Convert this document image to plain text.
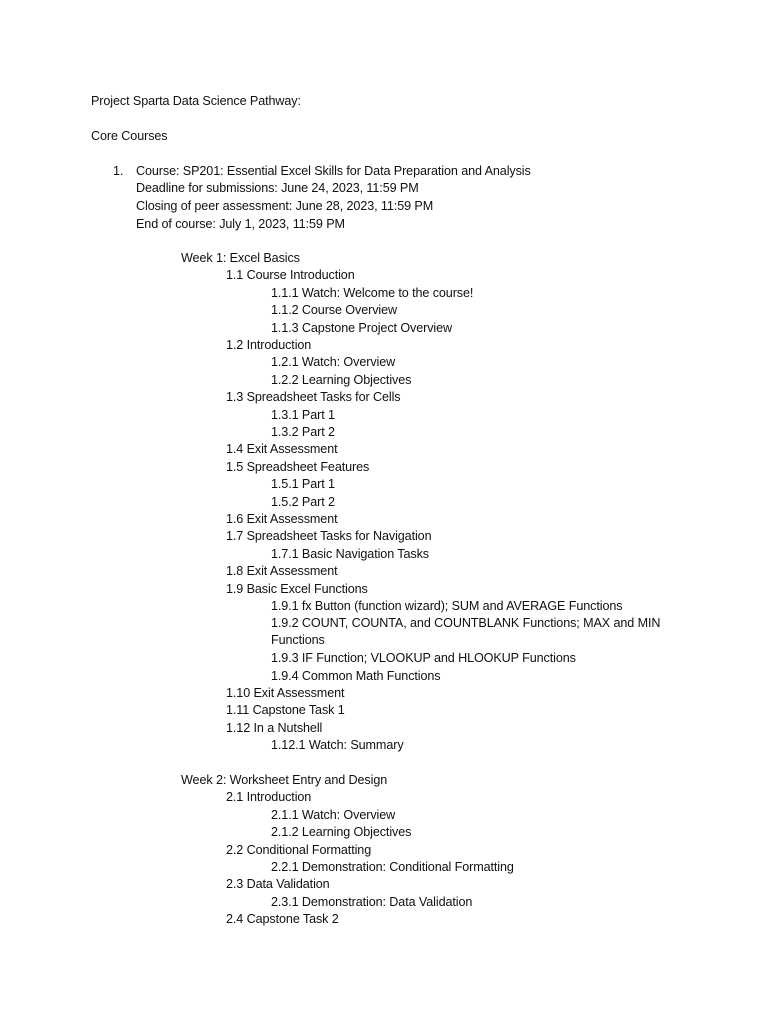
Project Sparta Data Science Pathway:
Core Courses
1. Course: SP201: Essential Excel Skills for Data Preparation and Analysis
Deadline for submissions: June 24, 2023, 11:59 PM
Closing of peer assessment: June 28, 2023, 11:59 PM
End of course: July 1, 2023, 11:59 PM
Week 1: Excel Basics
1.1 Course Introduction
1.1.1 Watch: Welcome to the course!
1.1.2 Course Overview
1.1.3 Capstone Project Overview
1.2 Introduction
1.2.1 Watch: Overview
1.2.2 Learning Objectives
1.3 Spreadsheet Tasks for Cells
1.3.1 Part 1
1.3.2 Part 2
1.4 Exit Assessment
1.5 Spreadsheet Features
1.5.1 Part 1
1.5.2 Part 2
1.6 Exit Assessment
1.7 Spreadsheet Tasks for Navigation
1.7.1 Basic Navigation Tasks
1.8 Exit Assessment
1.9 Basic Excel Functions
1.9.1 fx Button (function wizard); SUM and AVERAGE Functions
1.9.2 COUNT, COUNTA, and COUNTBLANK Functions; MAX and MIN Functions
1.9.3 IF Function; VLOOKUP and HLOOKUP Functions
1.9.4 Common Math Functions
1.10 Exit Assessment
1.11 Capstone Task 1
1.12 In a Nutshell
1.12.1 Watch: Summary
Week 2: Worksheet Entry and Design
2.1 Introduction
2.1.1 Watch: Overview
2.1.2 Learning Objectives
2.2 Conditional Formatting
2.2.1 Demonstration: Conditional Formatting
2.3 Data Validation
2.3.1 Demonstration: Data Validation
2.4 Capstone Task 2
